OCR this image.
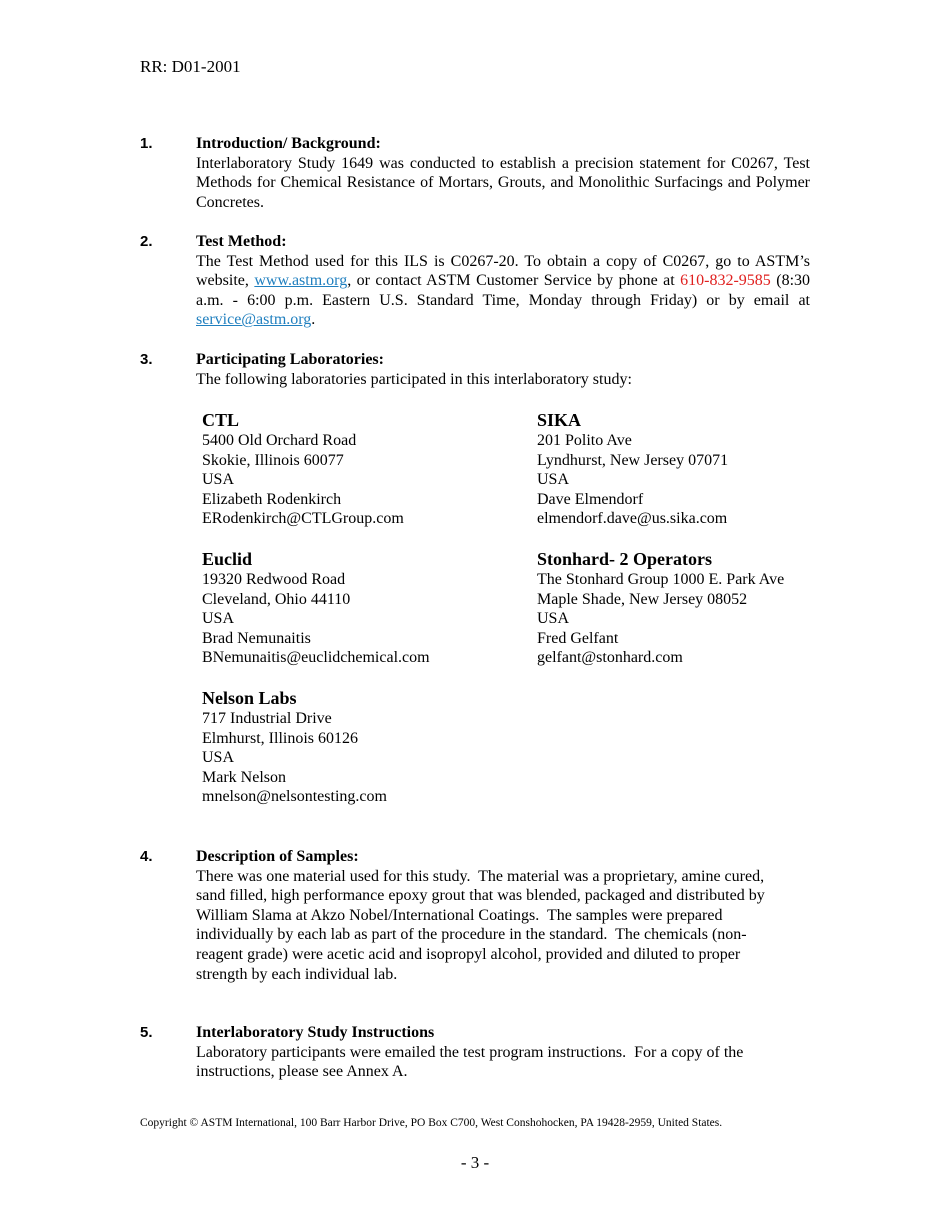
RR: D01-2001
1.	Introduction/ Background:
Interlaboratory Study 1649 was conducted to establish a precision statement for C0267, Test Methods for Chemical Resistance of Mortars, Grouts, and Monolithic Surfacings and Polymer Concretes.
2.	Test Method:
The Test Method used for this ILS is C0267-20. To obtain a copy of C0267, go to ASTM’s website, www.astm.org, or contact ASTM Customer Service by phone at 610-832-9585 (8:30 a.m. - 6:00 p.m. Eastern U.S. Standard Time, Monday through Friday) or by email at service@astm.org.
3.	Participating Laboratories:
The following laboratories participated in this interlaboratory study:
CTL
5400 Old Orchard Road
Skokie, Illinois 60077
USA
Elizabeth Rodenkirch
ERodenkirch@CTLGroup.com
SIKA
201 Polito Ave
Lyndhurst, New Jersey 07071
USA
Dave Elmendorf
elmendorf.dave@us.sika.com
Euclid
19320 Redwood Road
Cleveland, Ohio 44110
USA
Brad Nemunaitis
BNemunaitis@euclidchemical.com
Stonhard- 2 Operators
The Stonhard Group 1000 E. Park Ave
Maple Shade, New Jersey 08052
USA
Fred Gelfant
gelfant@stonhard.com
Nelson Labs
717 Industrial Drive
Elmhurst, Illinois 60126
USA
Mark Nelson
mnelson@nelsontesting.com
4.	Description of Samples:
There was one material used for this study.  The material was a proprietary, amine cured,
sand filled, high performance epoxy grout that was blended, packaged and distributed by
William Slama at Akzo Nobel/International Coatings.  The samples were prepared
individually by each lab as part of the procedure in the standard.  The chemicals (non-
reagent grade) were acetic acid and isopropyl alcohol, provided and diluted to proper
strength by each individual lab.
5.	Interlaboratory Study Instructions
Laboratory participants were emailed the test program instructions.  For a copy of the
instructions, please see Annex A.
Copyright © ASTM International, 100 Barr Harbor Drive, PO Box C700, West Conshohocken, PA 19428-2959, United States.
- 3 -
